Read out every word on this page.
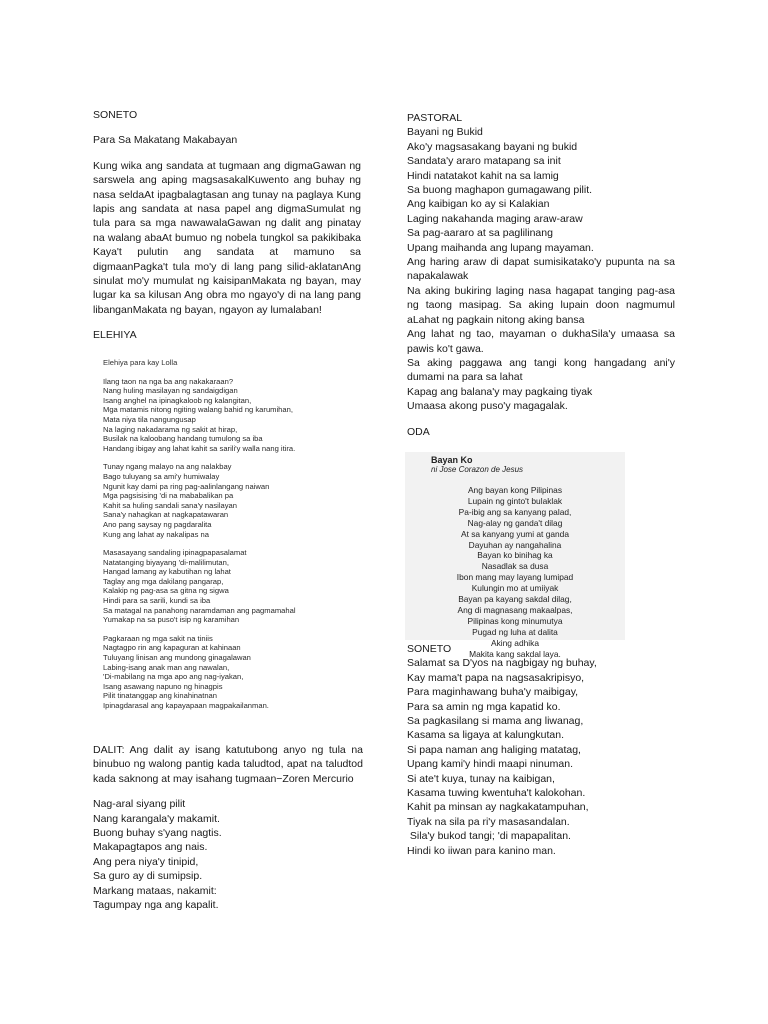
SONETO
Para Sa Makatang Makabayan

Kung wika ang sandata at tugmaan ang digmaGawan ng sarswela ang aping magsasakalKuwento ang buhay ng nasa seldaAt ipagbalagtasan ang tunay na paglaya Kung lapis ang sandata at nasa papel ang digmaSumulat ng tula para sa mga nawawalaGawan ng dalit ang pinatay na walang abaAt bumuo ng nobela tungkol sa pakikibaka Kaya't pulutin ang sandata at mamuno sa digmaanPagka't tula mo'y di lang pang silid-aklatanAng sinulat mo'y mumulat ng kaisipanMakata ng bayan, may lugar ka sa kilusan Ang obra mo ngayo'y di na lang pang libanganMakata ng bayan, ngayon ay lumalaban!

ELEHIYA
Elehiya para kay Lolla
Ilang taon na nga ba ang nakakaraan?
Nang huling masilayan ng sandaigdigan
Isang anghel na ipinagkaloob ng kalangitan,
Mga matamis nitong ngiting walang bahid ng karumihan,
Mata niya tila nangungusap
Na laging nakadarama ng sakit at hirap,
Busilak na kaloobang handang tumulong sa iba
Handang ibigay ang lahat kahit sa sarili'y walla nang itira.
Tunay ngang malayo na ang nalakbay
Bago tuluyang sa ami'y humiwalay
Ngunit kay dami pa ring pag-aalinlangang naiwan
Mga pagsisising 'di na mababalikan pa
Kahit sa huling sandali sana'y nasilayan
Sana'y nahagkan at nagkapatawaran
Ano pang saysay ng pagdaralita
Kung ang lahat ay nakalipas na
Masasayang sandaling ipinagpapasalamat
Natatanging biyayang 'di-malilimutan,
Hangad lamang ay kabutihan ng lahat
Taglay ang mga dakilang pangarap,
Kalakip ng pag-asa sa gitna ng sigwa
Hindi para sa sarili, kundi sa iba
Sa matagal na panahong naramdaman ang pagmamahal
Yumakap na sa puso't isip ng karamihan
Pagkaraan ng mga sakit na tiniis
Nagtagpo rin ang kapaguran at kahinaan
Tuluyang linisan ang mundong ginagalawan
Labing-isang anak man ang nawalan,
'Di-mabilang na mga apo ang nag-iyakan,
Isang asawang napuno ng hinagpis
Pilit tinatanggap ang kinahinatnan
Ipinagdarasal ang kapayapaan magpakailanman.

DALIT: Ang dalit ay isang katutubong anyo ng tula na binubuo ng walong pantig kada taludtod, apat na taludtod kada saknong at may isahang tugmaan−Zoren Mercurio

Nag-aral siyang pilit
Nang karangala'y makamit.
Buong buhay s'yang nagtis.
Makapagtapos ang nais.
Ang pera niya'y tinipid,
Sa guro ay di sumipsip.
Markang mataas, nakamit:
Tagumpay nga ang kapalit.
PASTORAL
Bayani ng Bukid
Ako'y magsasakang bayani ng bukid
Sandata'y araro matapang sa init
Hindi natatakot kahit na sa lamig
Sa buong maghapon gumagawang pilit.
Ang kaibigan ko ay si Kalakian
Laging nakahanda maging araw-araw
Sa pag-aararo at sa paglilinang
Upang maihanda ang lupang mayaman.

Ang haring araw di dapat sumisikatako'y pupunta na sa napakalawak

Na aking bukiring laging nasa hagapat tanging pag-asa ng taong masipag. Sa aking lupain doon nagmumul aLahat ng pagkain nitong aking bansa

Ang lahat ng tao, mayaman o dukhaSila'y umaasa sa pawis ko't gawa.

Sa aking paggawa ang tangi kong hangadang ani'y dumami na para sa lahat

Kapag ang balana'y may pagkaing tiyak
Umaasa akong puso'y magagalak.
ODA
Bayan Ko
ni Jose Corazon de Jesus
Ang bayan kong Pilipinas
Lupain ng ginto't bulaklak
Pa-ibig ang sa kanyang palad,
Nag-alay ng ganda't dilag
At sa kanyang yumi at ganda
Dayuhan ay nangahalina
Bayan ko binihag ka
Nasadlak sa dusa
Ibon mang may layang lumipad
Kulungin mo at umiiyak
Bayan pa kayang sakdal dilag,
Ang di magnasang makaalpas,
Pilipinas kong minumutya
Pugad ng luha at dalita
Aking adhika
Makita kang sakdal laya.
SONETO
Salamat sa D'yos na nagbigay ng buhay,
Kay mama't papa na nagsasakripisyo,
Para maginhawang buha'y maibigay,
Para sa amin ng mga kapatid ko.
Sa pagkasilang si mama ang liwanag,
Kasama sa ligaya at kalungkutan.
Si papa naman ang haliging matatag,
Upang kami'y hindi maapi ninuman.
Si ate't kuya, tunay na kaibigan,
Kasama tuwing kwentuha't kalokohan.
Kahit pa minsan ay nagkakatampuhan,
Tiyak na sila pa ri'y masasandalan.
Sila'y bukod tangi; 'di mapapalitan.
Hindi ko iiwan para kanino man.
